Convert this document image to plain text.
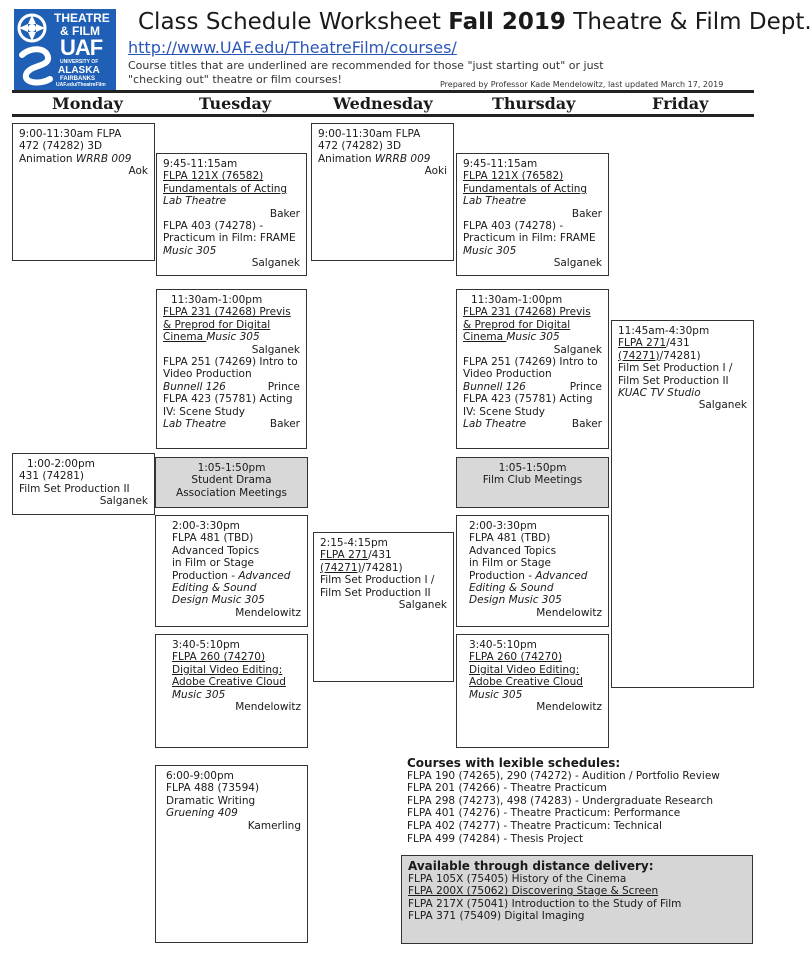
THEATRE
& FILM
UAF
UNIVERSITY OF
ALASKA
FAIRBANKS
UAF.edu/TheatreFilm
Class Schedule Worksheet Fall 2019 Theatre & Film Dept.
http://www.UAF.edu/TheatreFilm/courses/
Course titles that are underlined are recommended for those "just starting out" or just "checking out" theatre or film courses!	Prepared by Professor Kade Mendelowitz, last updated March 17, 2019
Monday	Tuesday	Wednesday	Thursday	Friday
9:00-11:30am FLPA
472 (74282) 3D
Animation WRRB 009
Aok
9:00-11:30am FLPA
472 (74282) 3D
Animation WRRB 009
Aoki
9:45-11:15am
FLPA 121X (76582)
Fundamentals of Acting
Lab Theatre
Baker
FLPA 403 (74278) -
Practicum in Film: FRAME
Music 305
Salganek
9:45-11:15am
FLPA 121X (76582)
Fundamentals of Acting
Lab Theatre
Baker
FLPA 403 (74278) -
Practicum in Film: FRAME
Music 305
Salganek
11:30am-1:00pm
FLPA 231 (74268) Previs
& Preprod for Digital
Cinema Music 305
Salganek
FLPA 251 (74269) Intro to
Video Production
Bunnell 126	Prince
FLPA 423 (75781) Acting
IV: Scene Study
Lab Theatre	Baker
11:30am-1:00pm
FLPA 231 (74268) Previs
& Preprod for Digital
Cinema Music 305
Salganek
FLPA 251 (74269) Intro to
Video Production
Bunnell 126	Prince
FLPA 423 (75781) Acting
IV: Scene Study
Lab Theatre	Baker
11:45am-4:30pm
FLPA 271/431
(74271)/74281)
Film Set Production I /
Film Set Production II
KUAC TV Studio
Salganek
1:00-2:00pm
431 (74281)
Film Set Production II
Salganek
1:05-1:50pm
Student Drama
Association Meetings
1:05-1:50pm
Film Club Meetings
2:00-3:30pm
FLPA 481 (TBD)
Advanced Topics
in Film or Stage
Production - Advanced
Editing & Sound
Design Music 305
Mendelowitz
2:00-3:30pm
FLPA 481 (TBD)
Advanced Topics
in Film or Stage
Production - Advanced
Editing & Sound
Design Music 305
Mendelowitz
2:15-4:15pm
FLPA 271/431
(74271)/74281)
Film Set Production I /
Film Set Production II
Salganek
3:40-5:10pm
FLPA 260 (74270)
Digital Video Editing:
Adobe Creative Cloud
Music 305
Mendelowitz
3:40-5:10pm
FLPA 260 (74270)
Digital Video Editing:
Adobe Creative Cloud
Music 305
Mendelowitz
6:00-9:00pm
FLPA 488 (73594)
Dramatic Writing
Gruening 409
Kamerling
Courses with lexible schedules:
FLPA 190 (74265), 290 (74272) - Audition / Portfolio Review
FLPA 201 (74266) - Theatre Practicum
FLPA 298 (74273), 498 (74283) - Undergraduate Research
FLPA 401 (74276) - Theatre Practicum: Performance
FLPA 402 (74277) - Theatre Practicum: Technical
FLPA 499 (74284) - Thesis Project
Available through distance delivery:
FLPA 105X (75405) History of the Cinema
FLPA 200X (75062) Discovering Stage & Screen
FLPA 217X (75041) Introduction to the Study of Film
FLPA 371 (75409) Digital Imaging
